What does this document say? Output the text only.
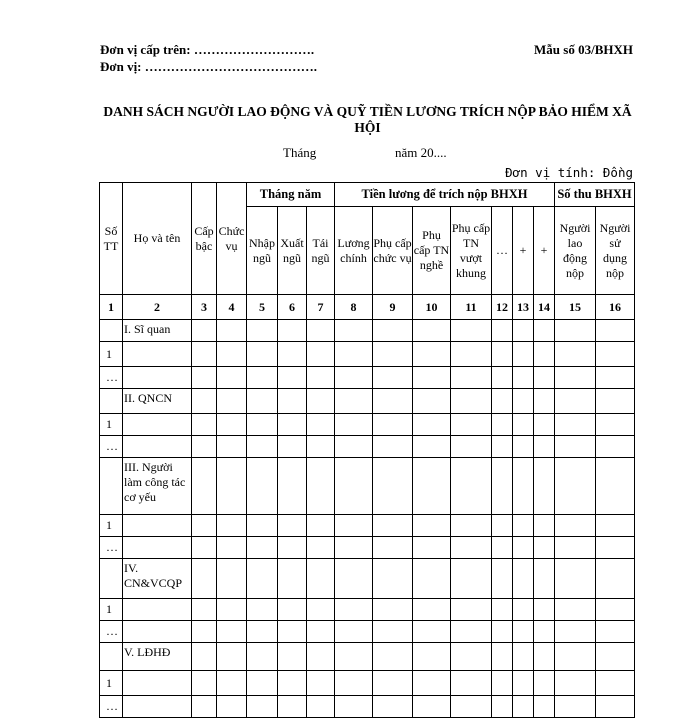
Đơn vị cấp trên: ……………………….
Đơn vị: ………………………………….
Mẫu số 03/BHXH
DANH SÁCH NGƯỜI LAO ĐỘNG VÀ QUỸ TIỀN LƯƠNG TRÍCH NỘP BẢO HIỂM XÃ HỘI
Tháng	năm 20....
Đơn vị tính: Đồng
Số TT	Họ và tên	Cấp bậc	Chức vụ	Tháng năm			Tiền lương để trích nộp BHXH							Số thu BHXH	
				Nhập ngũ	Xuất ngũ	Tái ngũ	Lương chính	Phụ cấp chức vụ	Phụ cấp TN nghề	Phụ cấp TN vượt khung	…	+	+	Người lao động nộp	Người sử dụng nộp
1	2	3	4	5	6	7	8	9	10	11	12	13	14	15	16
	I. Sĩ quan														
1															
…															
	II. QNCN														
1															
…															
	III. Người làm công tác cơ yếu														
1															
…															
	IV. CN&VCQP														
1															
…															
	V. LĐHĐ														
1															
…															
